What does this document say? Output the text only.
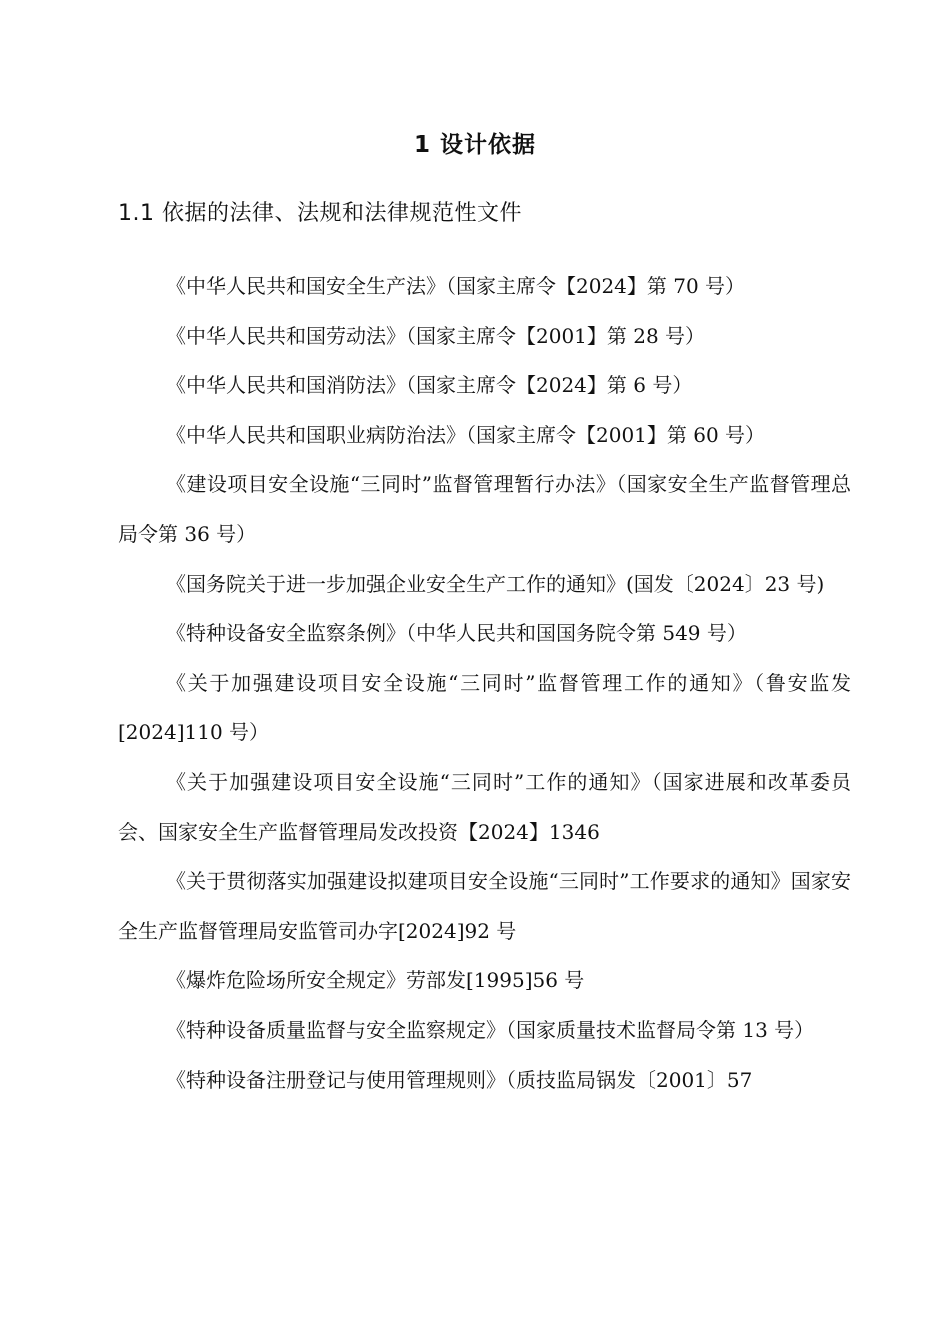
1 设计依据
1.1 依据的法律、法规和法律规范性文件

《中华人民共和国安全生产法》（国家主席令【2024】第 70 号）

《中华人民共和国劳动法》（国家主席令【2001】第 28 号）

《中华人民共和国消防法》（国家主席令【2024】第 6 号）

《中华人民共和国职业病防治法》（国家主席令【2001】第 60 号）

《建设项目安全设施“三同时”监督管理暂行办法》（国家安全生产监督管理总局令第 36 号）

《国务院关于进一步加强企业安全生产工作的通知》(国发〔2024〕23 号)

《特种设备安全监察条例》（中华人民共和国国务院令第 549 号）

《关于加强建设项目安全设施“三同时”监督管理工作的通知》（鲁安监发[2024]110 号）

《关于加强建设项目安全设施“三同时”工作的通知》（国家进展和改革委员会、国家安全生产监督管理局发改投资【2024】1346

《关于贯彻落实加强建设拟建项目安全设施“三同时”工作要求的通知》国家安全生产监督管理局安监管司办字[2024]92 号

《爆炸危险场所安全规定》劳部发[1995]56 号

《特种设备质量监督与安全监察规定》（国家质量技术监督局令第 13 号）

《特种设备注册登记与使用管理规则》（质技监局锅发〔2001〕57
